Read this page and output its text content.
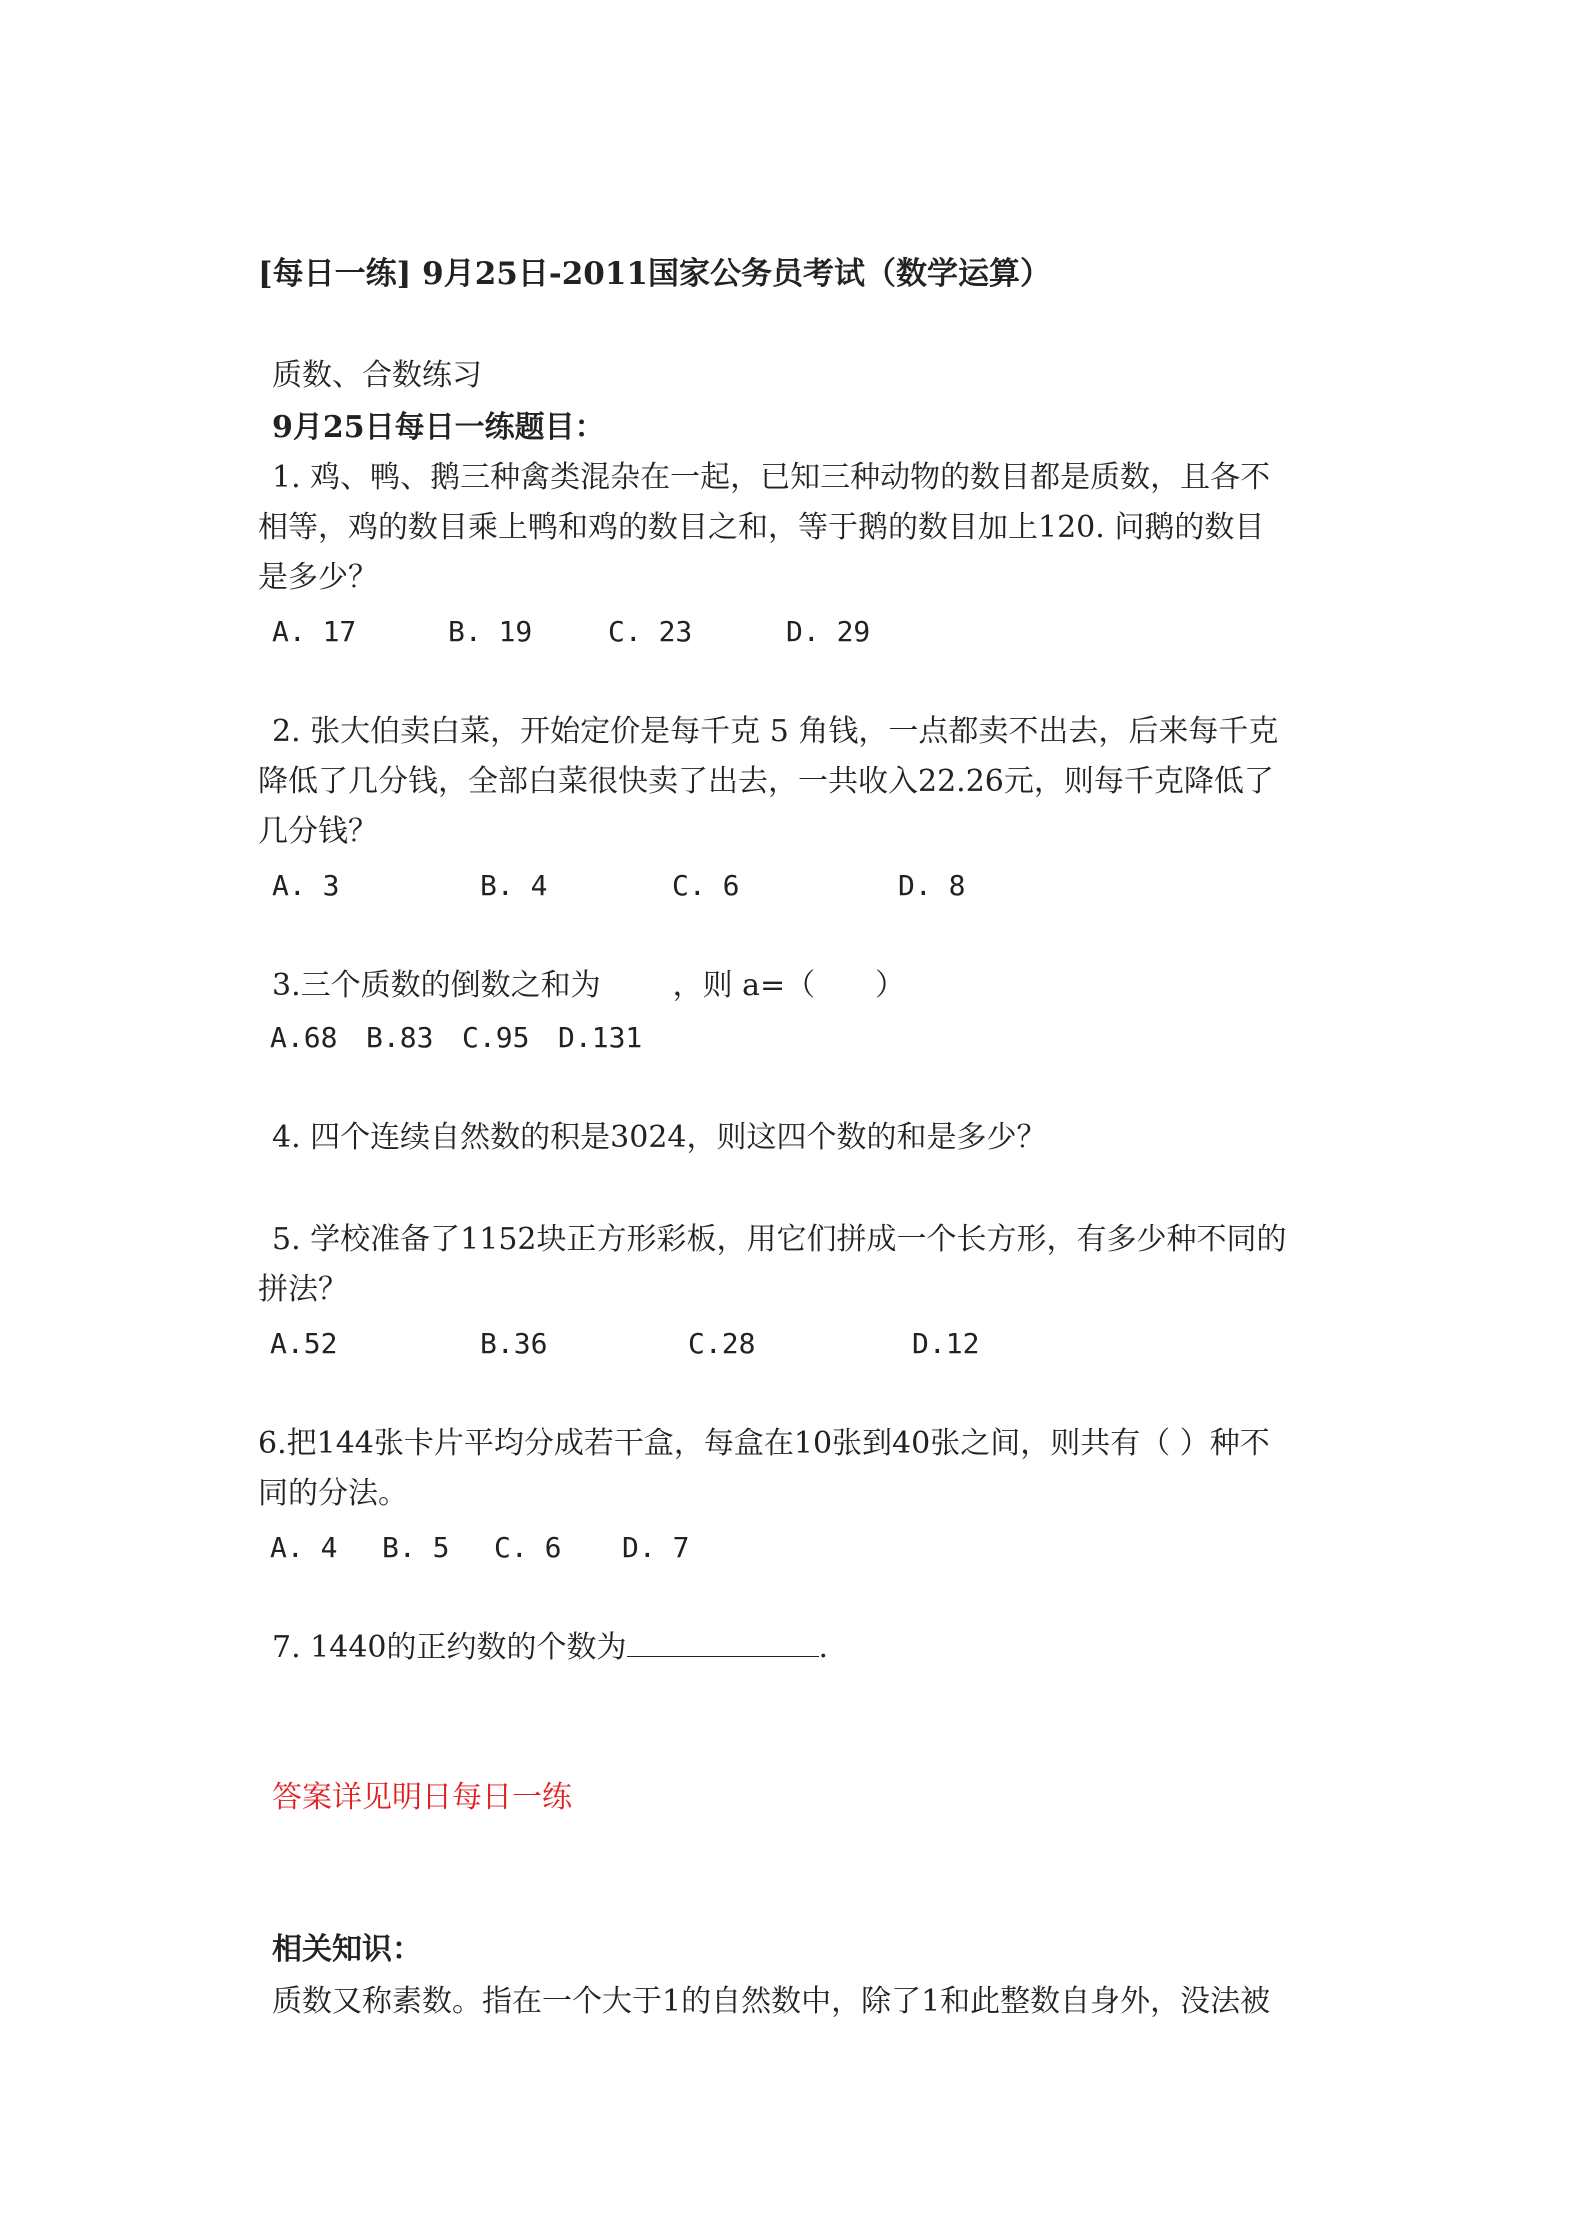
[每日一练] 9月25日-2011国家公务员考试（数学运算）

质数、合数练习

9月25日每日一练题目：

1. 鸡、鸭、鹅三种禽类混杂在一起，已知三种动物的数目都是质数，且各不

相等，鸡的数目乘上鸭和鸡的数目之和，等于鹅的数目加上120. 问鹅的数目

是多少？

A. 17	B. 19	C. 23	D. 29

2. 张大伯卖白菜，开始定价是每千克 5 角钱，一点都卖不出去，后来每千克

降低了几分钱，全部白菜很快卖了出去，一共收入22.26元，则每千克降低了

几分钱？

A. 3	B. 4	C. 6	D. 8

3.三个质数的倒数之和为 ，则 a=（　　）

A.68 B.83 C.95 D.131

4. 四个连续自然数的积是3024，则这四个数的和是多少？

5. 学校准备了1152块正方形彩板，用它们拼成一个长方形，有多少种不同的

拼法？

A.52	B.36	C.28	D.12

6.把144张卡片平均分成若干盒，每盒在10张到40张之间，则共有（ ）种不

同的分法。

A. 4 B. 5 C. 6 D. 7

7. 1440的正约数的个数为	.

答案详见明日每日一练

相关知识：

质数又称素数。指在一个大于1的自然数中，除了1和此整数自身外，没法被
